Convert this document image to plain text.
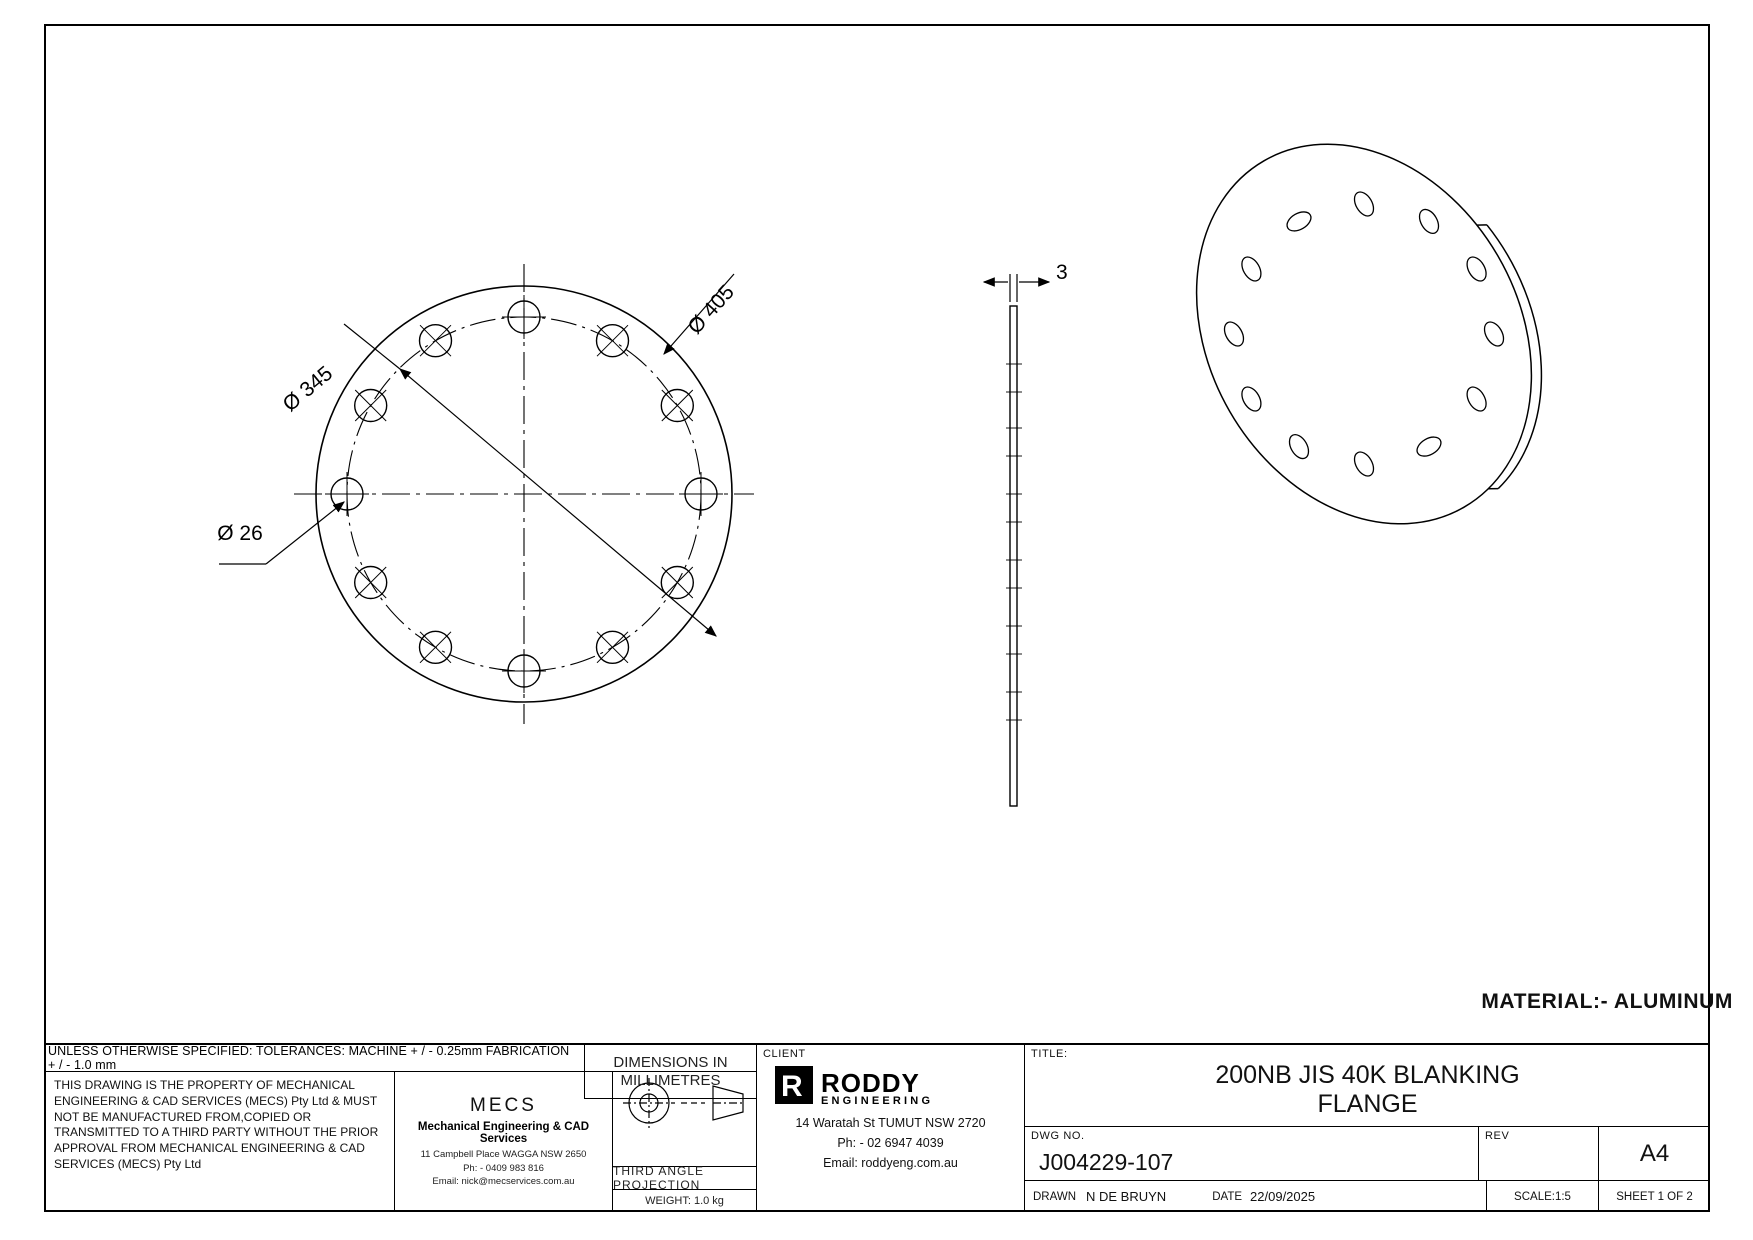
Ø 405
Ø 345
Ø 26
3
MATERIAL:- ALUMINUM
UNLESS OTHERWISE SPECIFIED: TOLERANCES: MACHINE + / - 0.25mm FABRICATION + / - 1.0 mm
THIS DRAWING IS THE PROPERTY OF MECHANICAL ENGINEERING & CAD SERVICES (MECS) Pty Ltd & MUST NOT BE MANUFACTURED FROM,COPIED OR TRANSMITTED TO A THIRD PARTY WITHOUT THE PRIOR APPROVAL FROM MECHANICAL ENGINEERING & CAD SERVICES (MECS) Pty Ltd
MECS
Mechanical Engineering & CAD Services
11 Campbell Place WAGGA NSW 2650
Ph: - 0409 983 816
Email: nick@mecservices.com.au
THIRD ANGLE PROJECTION
WEIGHT: 1.0 kg
DIMENSIONS IN
MILLIMETRES
CLIENT
R RODDY
ENGINEERING
14 Waratah St TUMUT NSW 2720
Ph: - 02 6947 4039
Email: roddyeng.com.au
TITLE:
200NB JIS 40K BLANKING
FLANGE
DWG NO.
J004229-107
REV
A4
DRAWN N DE BRUYN	DATE 22/09/2025	SCALE:1:5	SHEET 1 OF 2
